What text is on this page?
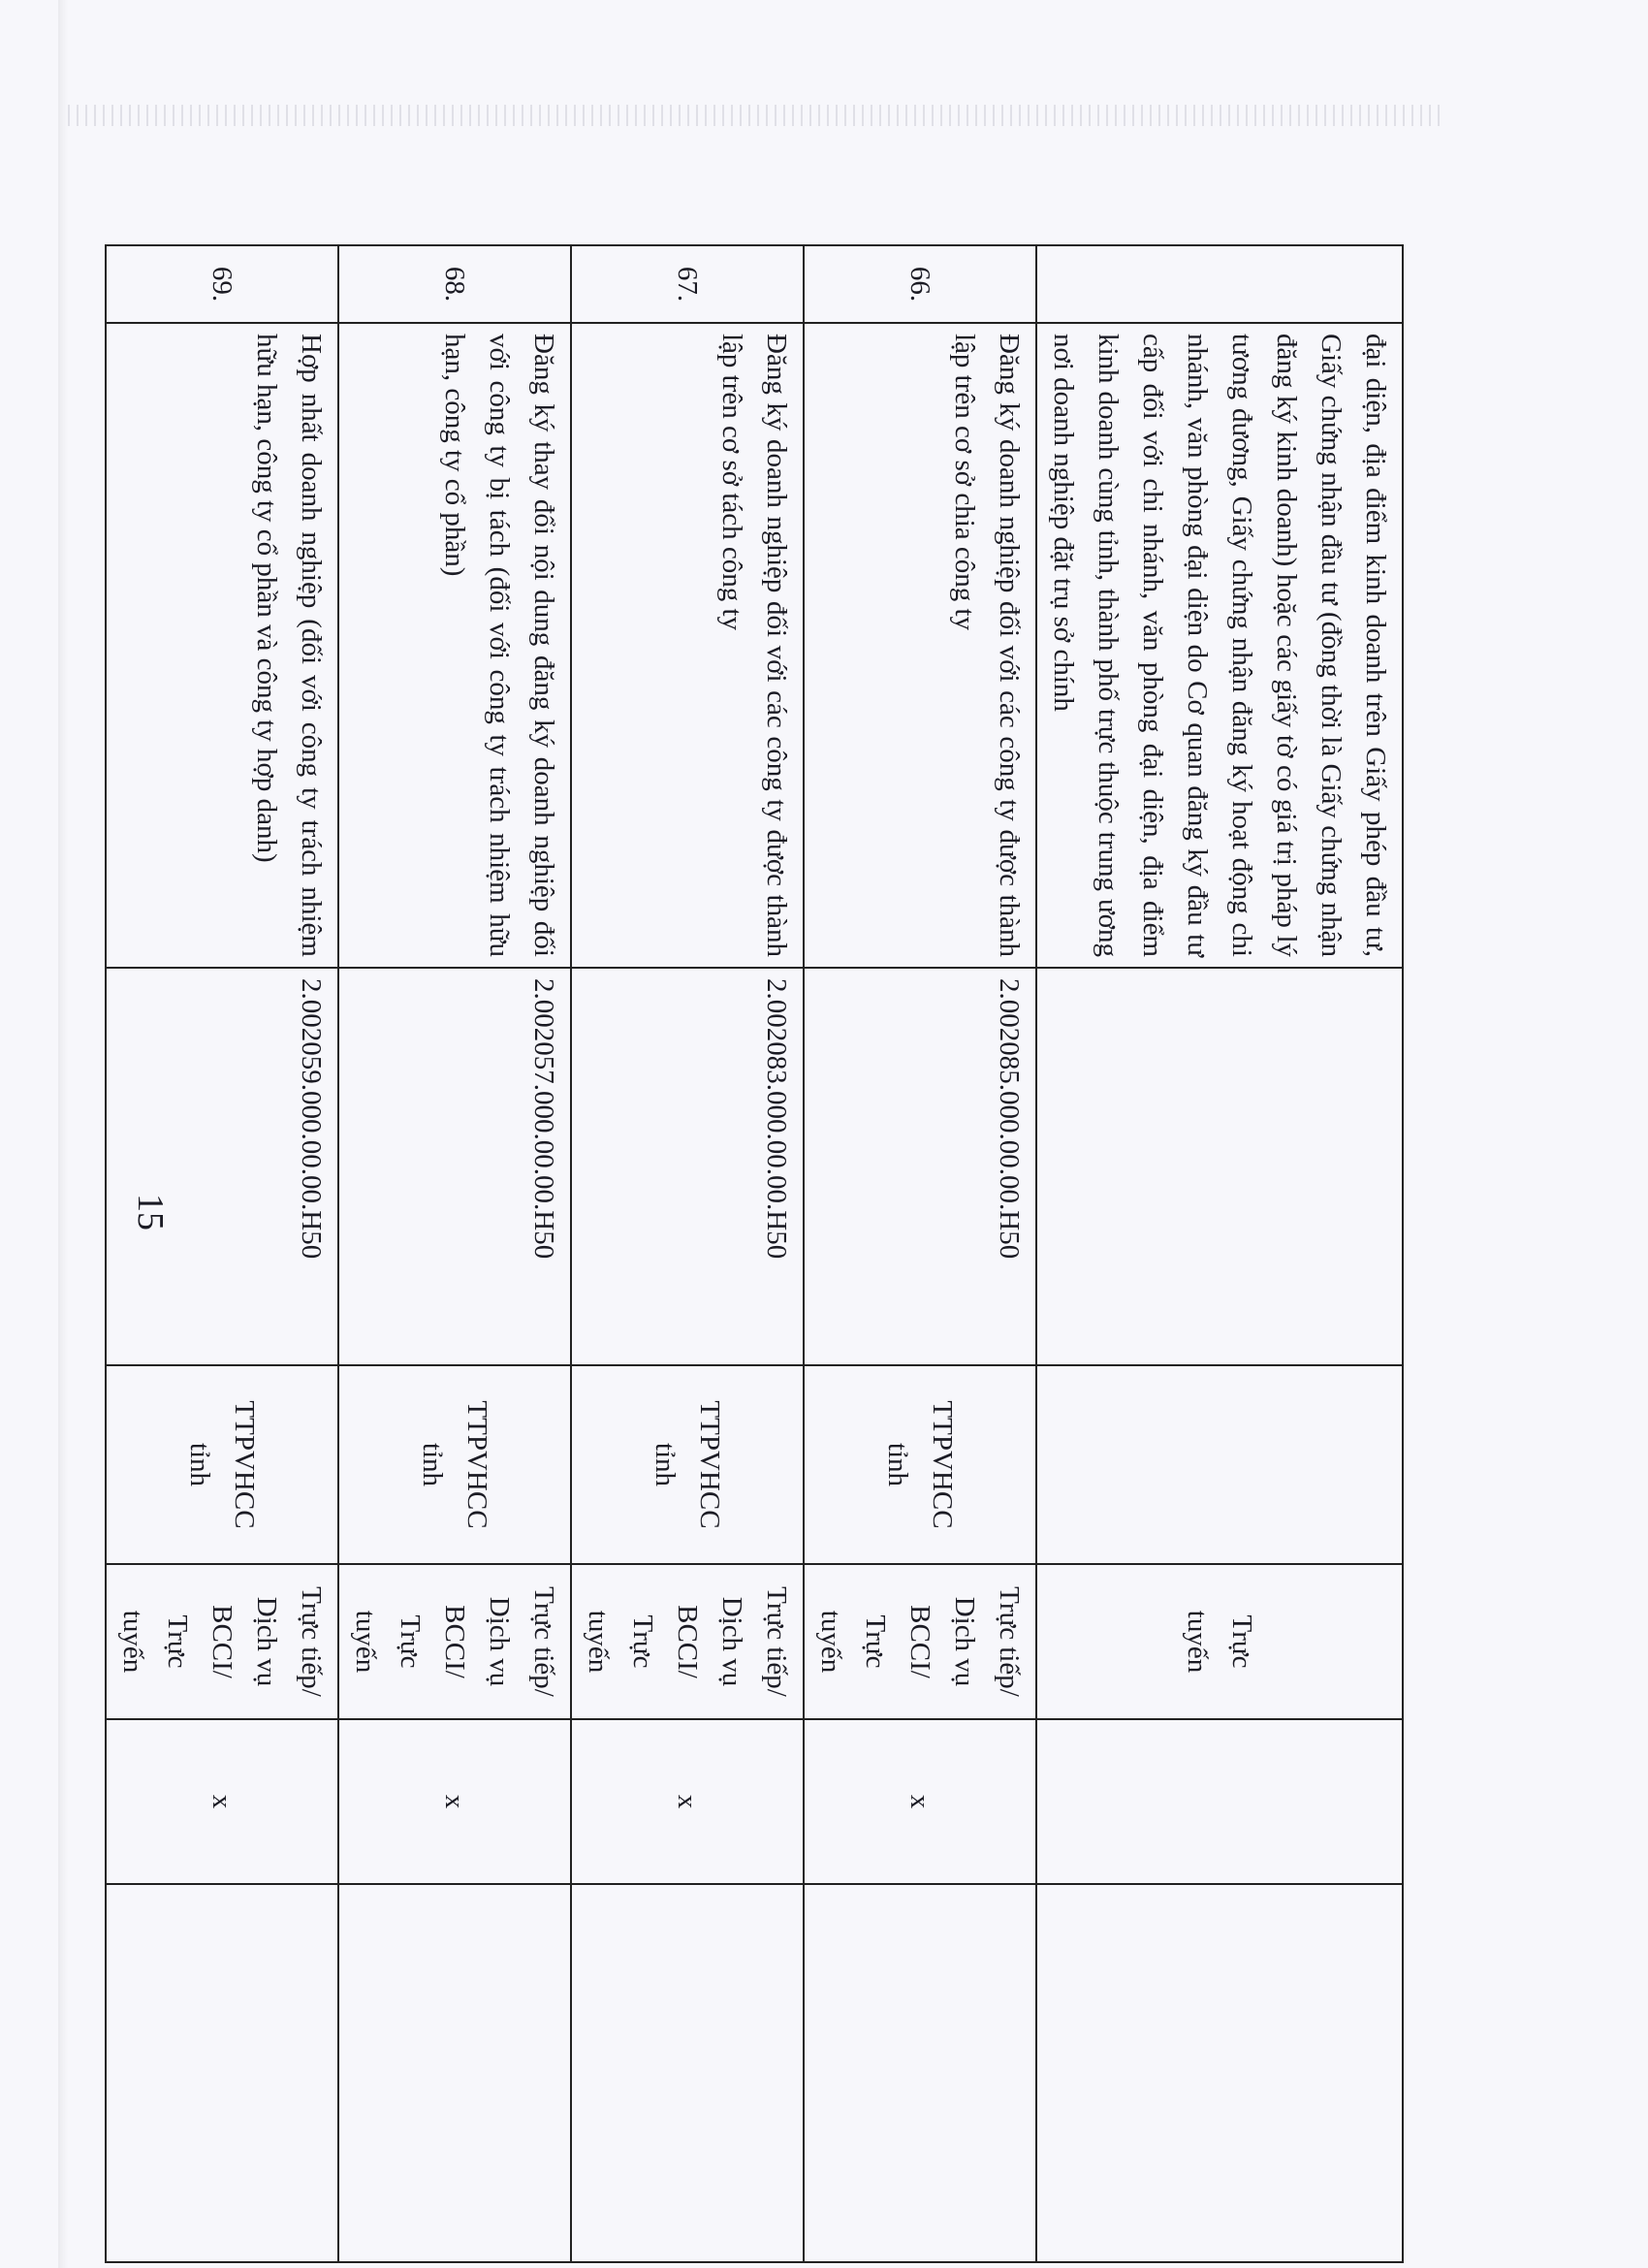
15
	đại diện, địa điểm kinh doanh trên Giấy phép đầu tư, Giấy chứng nhận đầu tư (đồng thời là Giấy chứng nhận đăng ký kinh doanh) hoặc các giấy tờ có giá trị pháp lý tương đương, Giấy chứng nhận đăng ký hoạt động chi nhánh, văn phòng đại diện do Cơ quan đăng ký đầu tư cấp đối với chi nhánh, văn phòng đại diện, địa điểm kinh doanh cùng tỉnh, thành phố trực thuộc trung ương nơi doanh nghiệp đặt trụ sở chính			Trực
tuyến		

66.	Đăng ký doanh nghiệp đối với các công ty được thành lập trên cơ sở chia công ty	2.002085.000.00.00.H50	TTPVHCC tỉnh	Trực tiếp/
Dịch vụ
BCCI/
Trực
tuyến	x	
67.	Đăng ký doanh nghiệp đối với các công ty được thành lập trên cơ sở tách công ty	2.002083.000.00.00.H50	TTPVHCC tỉnh	Trực tiếp/
Dịch vụ
BCCI/
Trực
tuyến	x	
68.	Đăng ký thay đổi nội dung đăng ký doanh nghiệp đối với công ty bị tách (đối với công ty trách nhiệm hữu hạn, công ty cổ phần)	2.002057.000.00.00.H50	TTPVHCC tỉnh	Trực tiếp/
Dịch vụ
BCCI/
Trực
tuyến	x	
69.	Hợp nhất doanh nghiệp (đối với công ty trách nhiệm hữu hạn, công ty cổ phần và công ty hợp danh)	2.002059.000.00.00.H50	TTPVHCC tỉnh	Trực tiếp/
Dịch vụ
BCCI/
Trực
tuyến	x	
